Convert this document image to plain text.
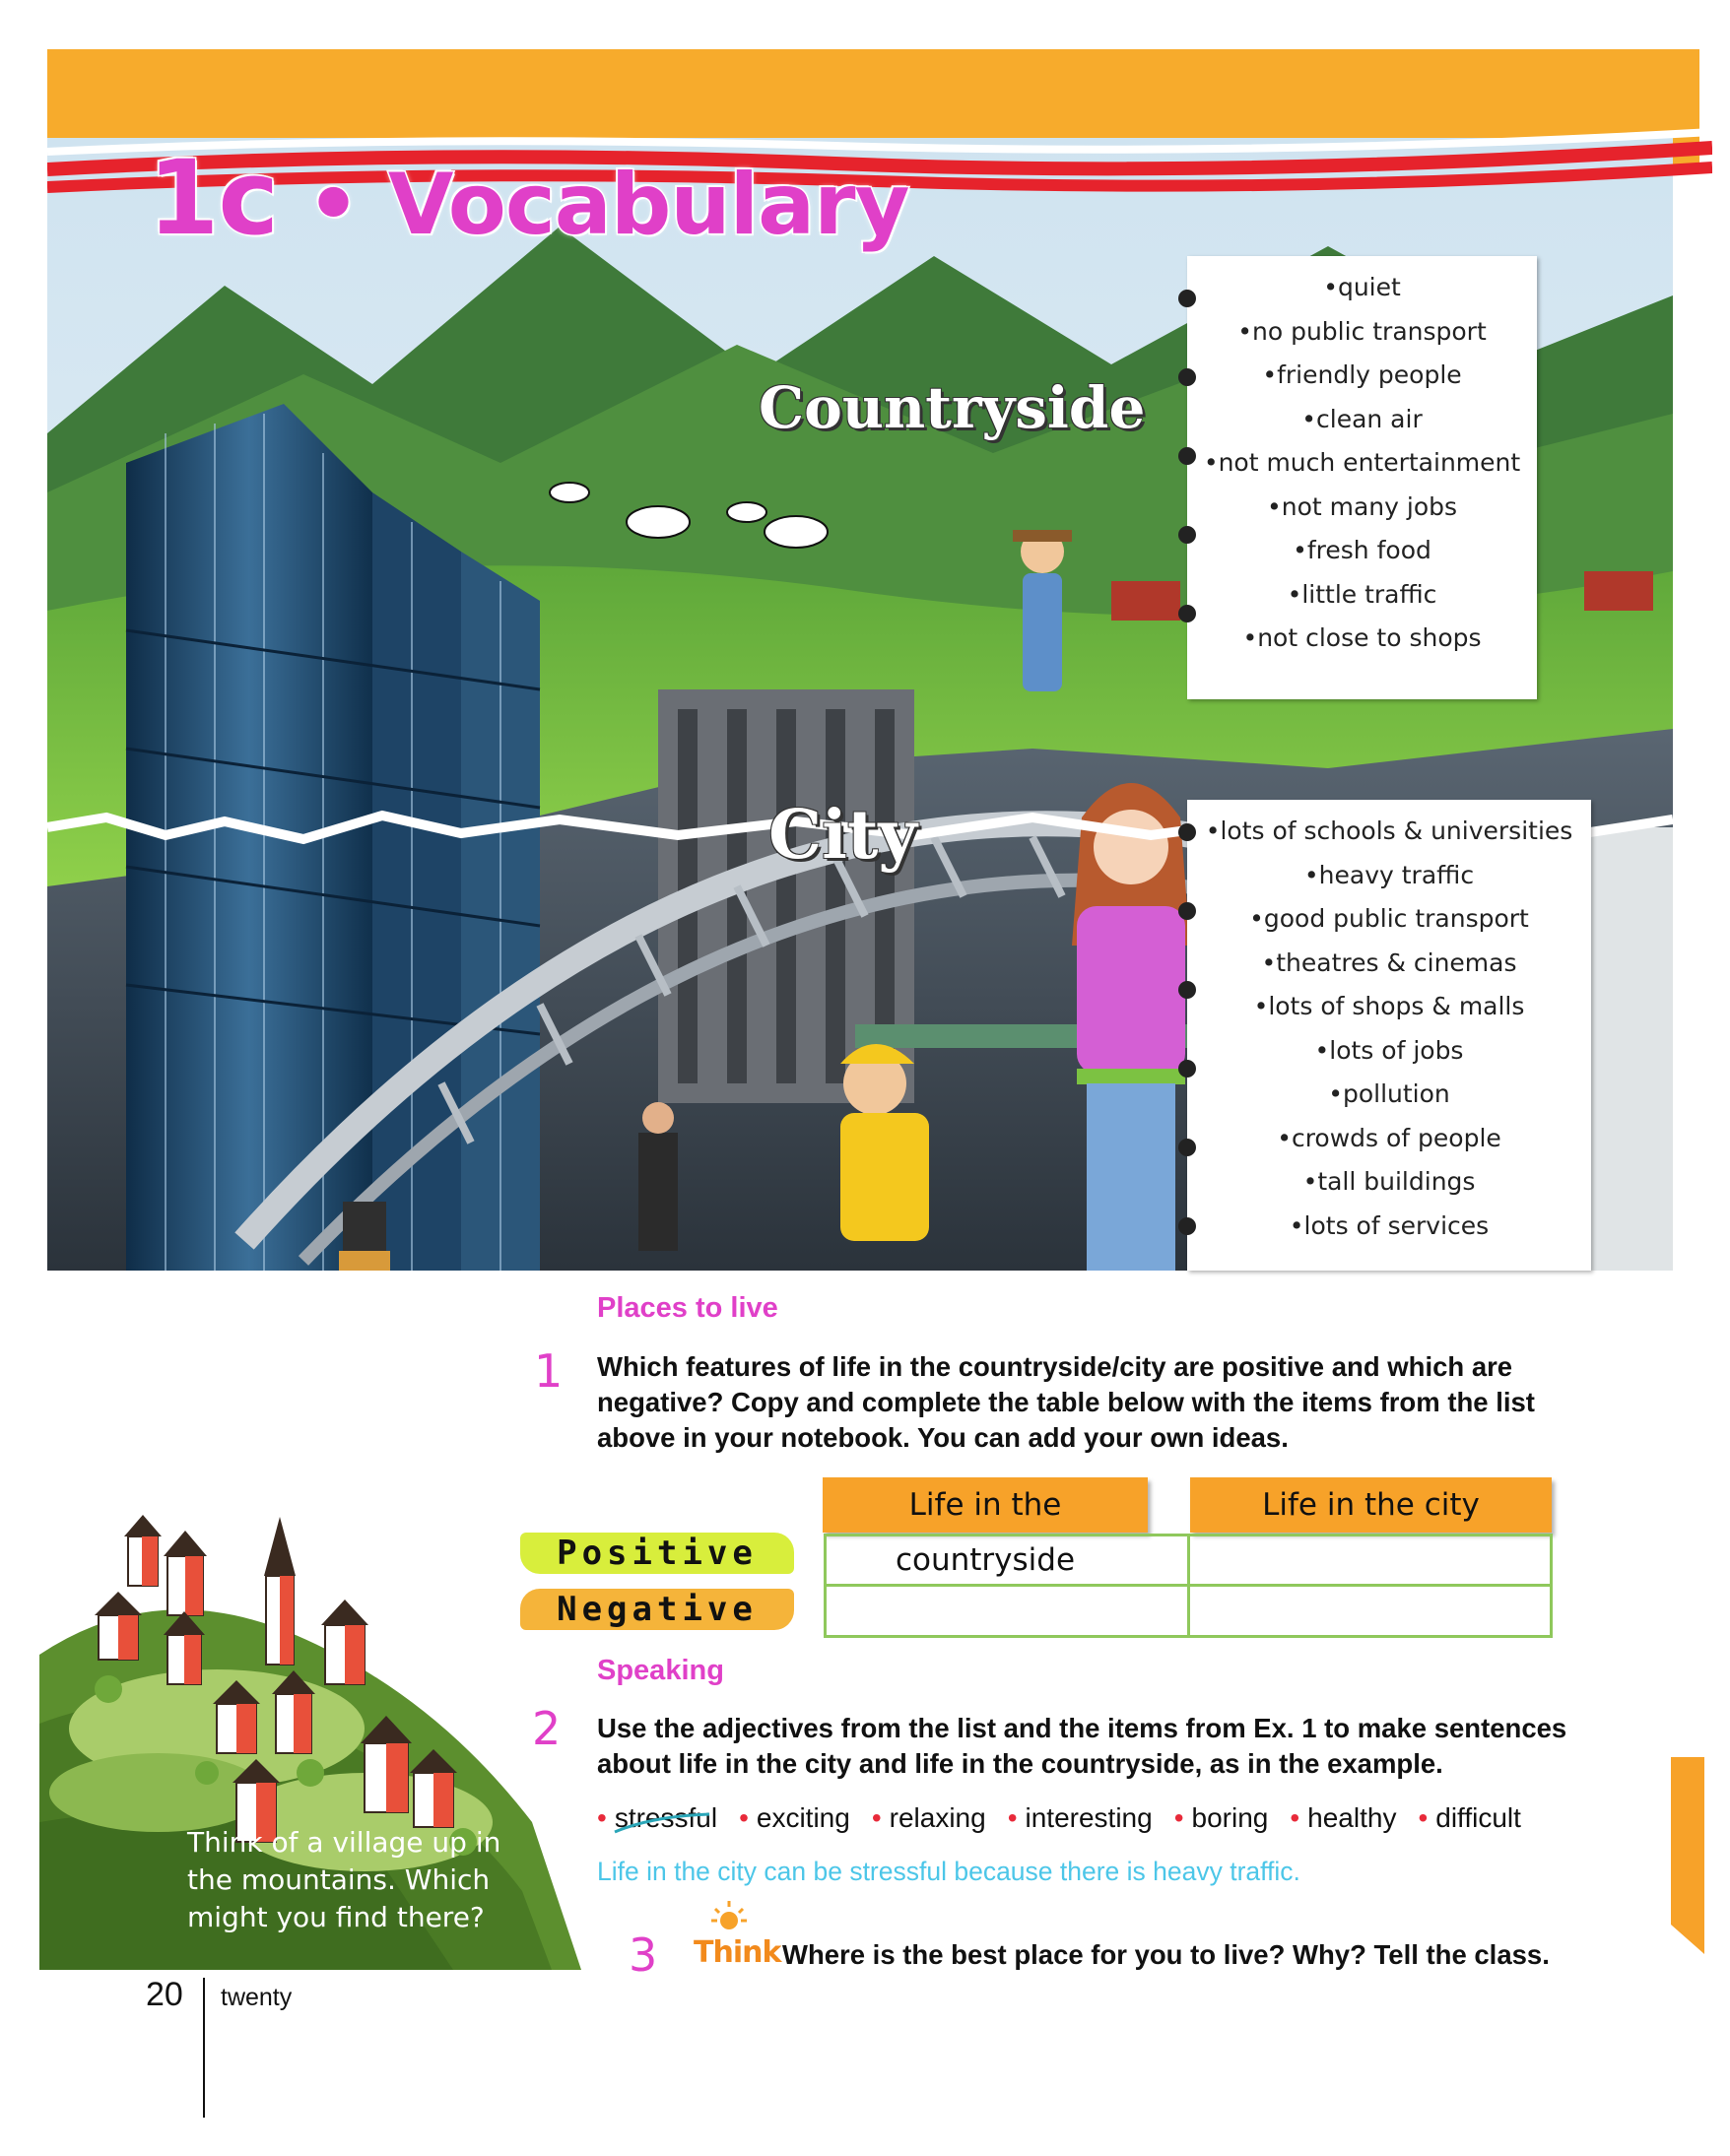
1c • Vocabulary
Countryside
City
• quiet
• no public transport
• friendly people
• clean air
• not much entertainment
• not many jobs
• fresh food
• little traffic
• not close to shops
• lots of schools & universities
• heavy traffic
• good public transport
• theatres & cinemas
• lots of shops & malls
• lots of jobs
• pollution
• crowds of people
• tall buildings
• lots of services
Places to live
1 Which features of life in the countryside/city are positive and which are negative? Copy and complete the table below with the items from the list above in your notebook. You can add your own ideas.
Life in the countryside
Life in the city
Positive
Negative
Speaking
2 Use the adjectives from the list and the items from Ex. 1 to make sentences about life in the city and life in the countryside, as in the example.
• stressful • exciting • relaxing • interesting • boring • healthy • difficult
Life in the city can be stressful because there is heavy traffic.
3 Think Where is the best place for you to live? Why? Tell the class.
Think of a village up in the mountains. Which might you find there?
20 twenty
